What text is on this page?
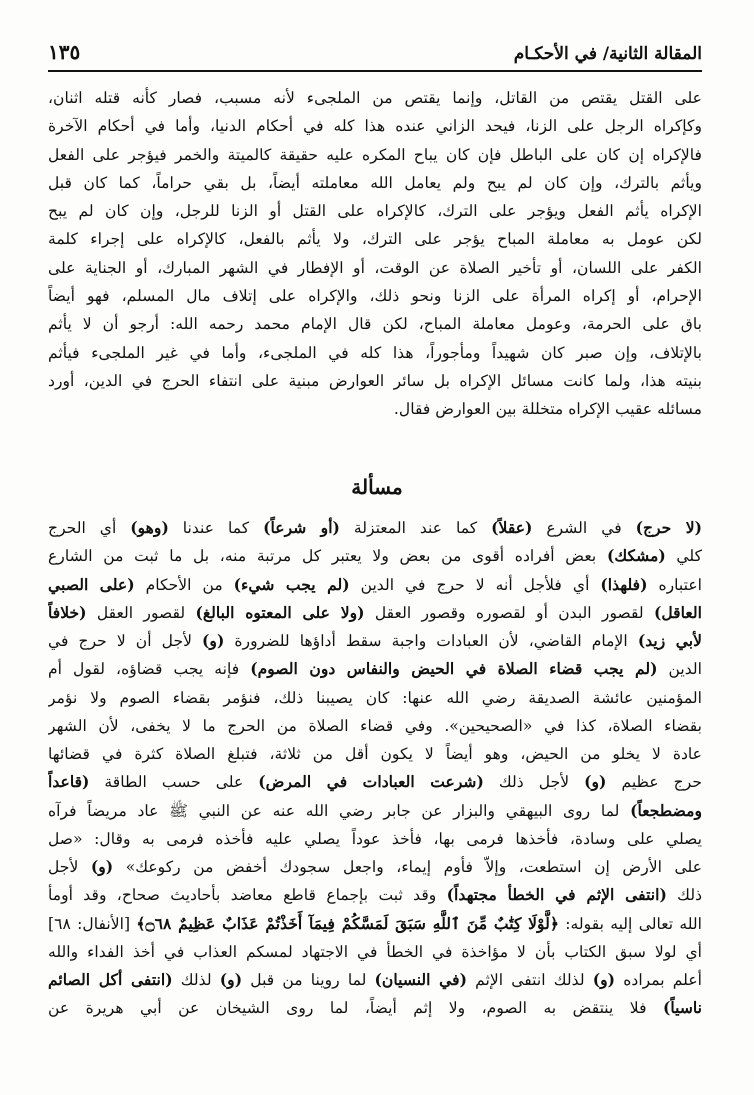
المقالة الثانية/ في الأحكـام
١٣٥
على القتل يقتص من القاتل، وإنما يقتص من الملجىء لأنه مسبب، فصار كأنه قتله اثنان،
وكإكراه الرجل على الزنا، فيحد الزاني عنده هذا كله في أحكام الدنيا، وأما في أحكام الآخرة
فالإكراه إن كان على الباطل فإن كان يباح المكره عليه حقيقة كالميتة والخمر فيؤجر على الفعل
ويأثم بالترك، وإن كان لم يبح ولم يعامل الله معاملته أيضاً، بل بقي حراماً، كما كان قبل
الإكراه يأثم الفعل ويؤجر على الترك، كالإكراه على القتل أو الزنا للرجل، وإن كان لم يبح
لكن عومل به معاملة المباح يؤجر على الترك، ولا يأثم بالفعل، كالإكراه على إجراء كلمة
الكفر على اللسان، أو تأخير الصلاة عن الوقت، أو الإفطار في الشهر المبارك، أو الجناية على
الإحرام، أو إكراه المرأة على الزنا ونحو ذلك، والإكراه على إتلاف مال المسلم، فهو أيضاً
باق على الحرمة، وعومل معاملة المباح، لكن قال الإمام محمد رحمه الله: أرجو أن لا يأثم
بالإتلاف، وإن صبر كان شهيداً ومأجوراً، هذا كله في الملجىء، وأما في غير الملجىء فيأثم
بنيته هذا، ولما كانت مسائل الإكراه بل سائر العوارض مبنية على انتفاء الحرج في الدين، أورد
مسائله عقيب الإكراه متخللة بين العوارض فقال.
مسألة
(لا حرج) في الشرع (عقلاً) كما عند المعتزلة (أو شرعاً) كما عندنا (وهو) أي الحرج
كلي (مشكك) بعض أفراده أقوى من بعض ولا يعتبر كل مرتبة منه، بل ما ثبت من الشارع
اعتباره (فلهذا) أي فلأجل أنه لا حرج في الدين (لم يجب شيء) من الأحكام (على الصبي
العاقل) لقصور البدن أو لقصوره وقصور العقل (ولا على المعتوه البالغ) لقصور العقل (خلافاً
لأبي زيد) الإمام القاضي، لأن العبادات واجبة سقط أداؤها للضرورة (و) لأجل أن لا حرج في
الدين (لم يجب قضاء الصلاة في الحيض والنفاس دون الصوم) فإنه يجب قضاؤه، لقول أم
المؤمنين عائشة الصديقة رضي الله عنها: كان يصيبنا ذلك، فنؤمر بقضاء الصوم ولا نؤمر
بقضاء الصلاة، كذا في «الصحيحين». وفي قضاء الصلاة من الحرج ما لا يخفى، لأن الشهر
عادة لا يخلو من الحيض، وهو أيضاً لا يكون أقل من ثلاثة، فتبلغ الصلاة كثرة في قضائها
حرج عظيم (و) لأجل ذلك (شرعت العبادات في المرض) على حسب الطاقة (قاعداً
ومضطجعاً) لما روى البيهقي والبزار عن جابر رضي الله عنه عن النبي ﷺ عاد مريضاً فرآه
يصلي على وسادة، فأخذها فرمى بها، فأخذ عوداً يصلي عليه فأخذه فرمى به وقال: «صل
على الأرض إن استطعت، وإلاّ فأوم إيماء، واجعل سجودك أخفض من ركوعك» (و) لأجل
ذلك (انتفى الإثم في الخطأ مجتهداً) وقد ثبت بإجماع قاطع معاضد بأحاديث صحاح، وقد أومأ
الله تعالى إليه بقوله: ﴿لَّوْلَا كِتَٰبٌ مِّنَ ٱللَّهِ سَبَقَ لَمَسَّكُمْ فِيمَآ أَخَذْتُمْ عَذَابٌ عَظِيمٌ ۝٦٨﴾ [الأنفال: ٦٨]
أي لولا سبق الكتاب بأن لا مؤاخذة في الخطأ في الاجتهاد لمسكم العذاب في أخذ الفداء والله
أعلم بمراده (و) لذلك انتفى الإثم (في النسيان) لما روينا من قبل (و) لذلك (انتفى أكل الصائم
ناسياً) فلا ينتقض به الصوم، ولا إثم أيضاً، لما روى الشيخان عن أبي هريرة عن
